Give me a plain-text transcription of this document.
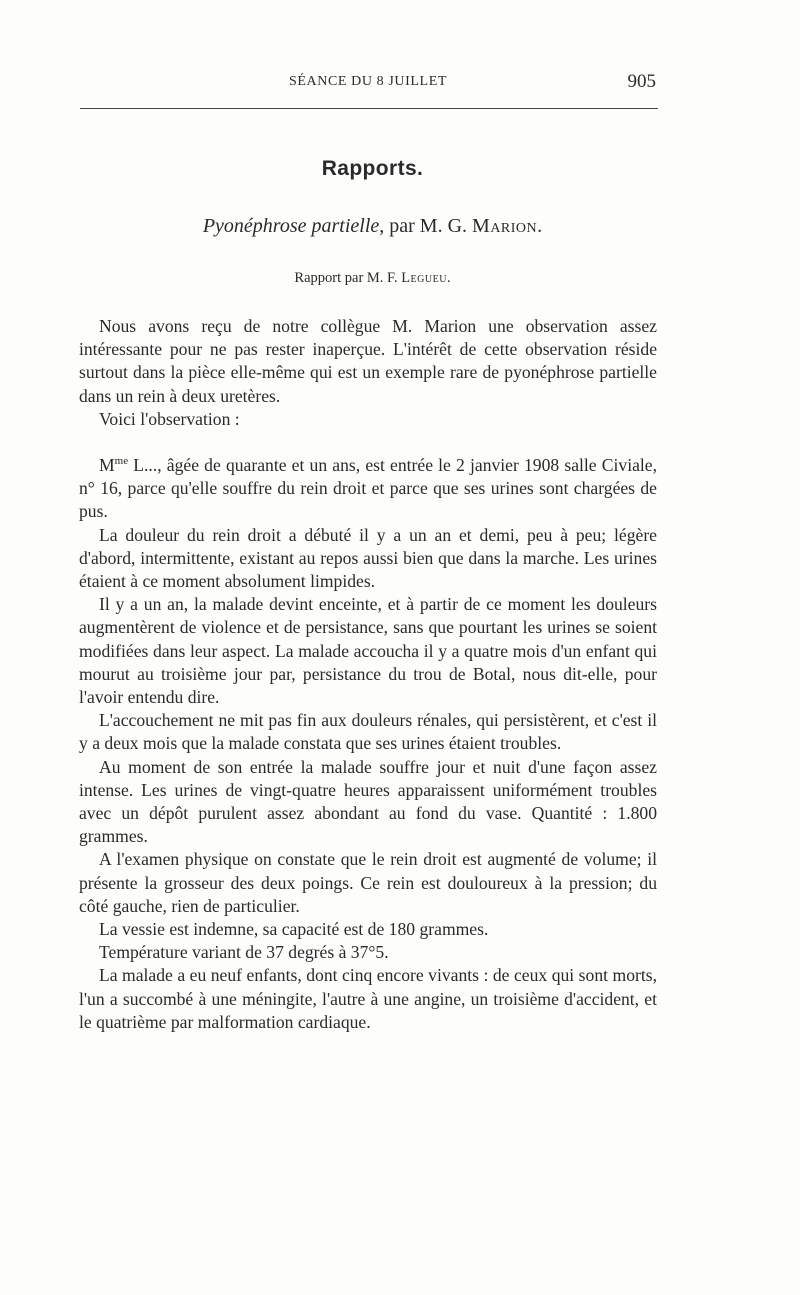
SÉANCE DU 8 JUILLET	905
Rapports.
Pyonéphrose partielle, par M. G. Marion.
Rapport par M. F. Legueu.

Nous avons reçu de notre collègue M. Marion une observation assez intéressante pour ne pas rester inaperçue. L'intérêt de cette observation réside surtout dans la pièce elle-même qui est un exemple rare de pyonéphrose partielle dans un rein à deux uretères.

Voici l'observation :

$M^{me}$ L..., âgée de quarante et un ans, est entrée le 2 janvier 1908 salle Civiale, n° 16, parce qu'elle souffre du rein droit et parce que ses urines sont chargées de pus.

La douleur du rein droit a débuté il y a un an et demi, peu à peu; légère d'abord, intermittente, existant au repos aussi bien que dans la marche. Les urines étaient à ce moment absolument limpides.

Il y a un an, la malade devint enceinte, et à partir de ce moment les douleurs augmentèrent de violence et de persistance, sans que pourtant les urines se soient modifiées dans leur aspect. La malade accoucha il y a quatre mois d'un enfant qui mourut au troisième jour par, persistance du trou de Botal, nous dit-elle, pour l'avoir entendu dire.

L'accouchement ne mit pas fin aux douleurs rénales, qui persistèrent, et c'est il y a deux mois que la malade constata que ses urines étaient troubles.

Au moment de son entrée la malade souffre jour et nuit d'une façon assez intense. Les urines de vingt-quatre heures apparaissent uniformément troubles avec un dépôt purulent assez abondant au fond du vase. Quantité : 1.800 grammes.

A l'examen physique on constate que le rein droit est augmenté de volume; il présente la grosseur des deux poings. Ce rein est douloureux à la pression; du côté gauche, rien de particulier.

La vessie est indemne, sa capacité est de 180 grammes.

Température variant de 37 degrés à 37°5.

La malade a eu neuf enfants, dont cinq encore vivants : de ceux qui sont morts, l'un a succombé à une méningite, l'autre à une angine, un troisième d'accident, et le quatrième par malformation cardiaque.
